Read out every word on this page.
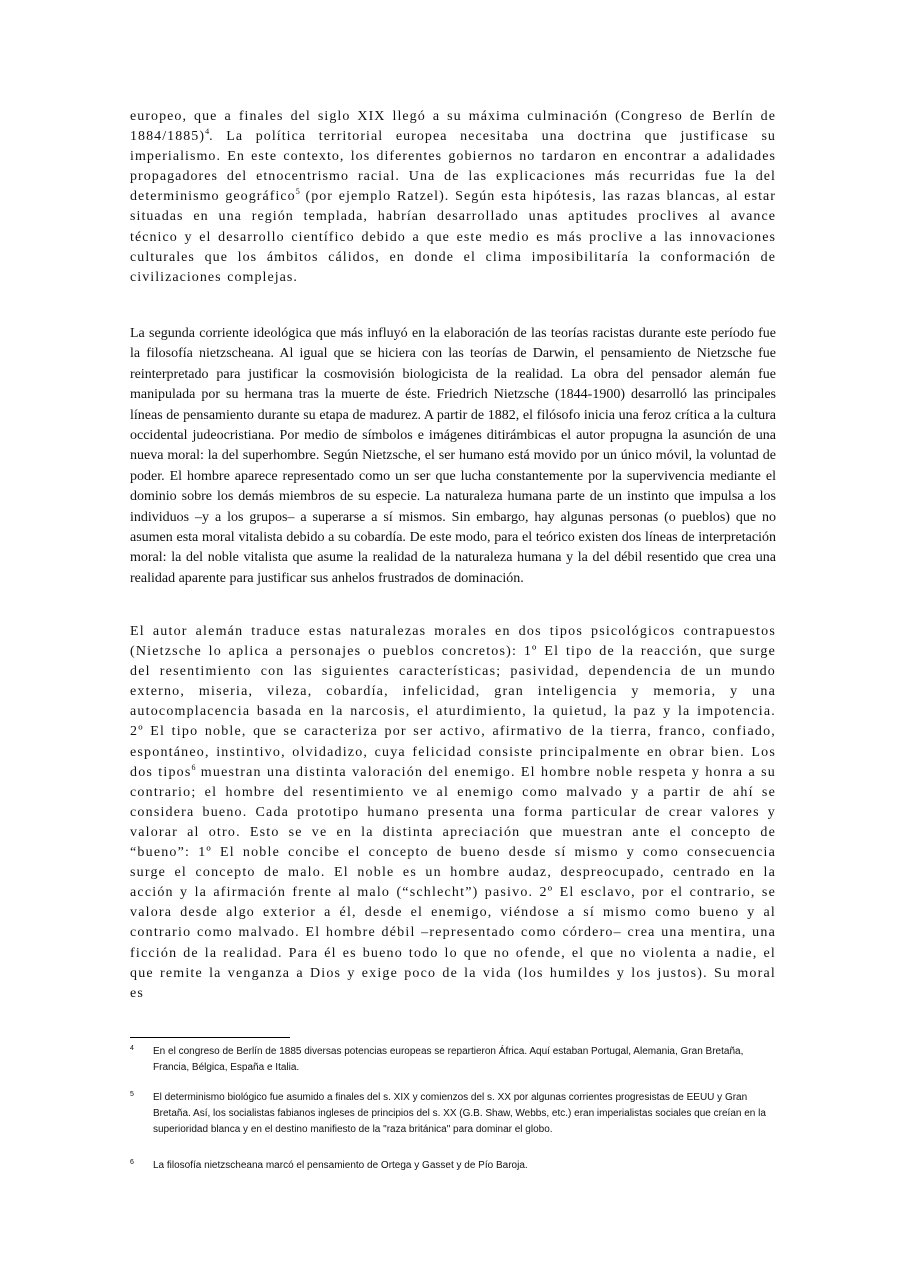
europeo, que a finales del siglo XIX llegó a su máxima culminación (Congreso de Berlín de 1884/1885)$^4$. La política territorial europea necesitaba una doctrina que justificase su imperialismo. En este contexto, los diferentes gobiernos no tardaron en encontrar a adalidades propagadores del etnocentrismo racial. Una de las explicaciones más recurridas fue la del determinismo geográfico$^5$ (por ejemplo Ratzel). Según esta hipótesis, las razas blancas, al estar situadas en una región templada, habrían desarrollado unas aptitudes proclives al avance técnico y el desarrollo científico debido a que este medio es más proclive a las innovaciones culturales que los ámbitos cálidos, en donde el clima imposibilitaría la conformación de civilizaciones complejas.

La segunda corriente ideológica que más influyó en la elaboración de las teorías racistas durante este período fue la filosofía nietzscheana. Al igual que se hiciera con las teorías de Darwin, el pensamiento de Nietzsche fue reinterpretado para justificar la cosmovisión biologicista de la realidad. La obra del pensador alemán fue manipulada por su hermana tras la muerte de éste. Friedrich Nietzsche (1844-1900) desarrolló las principales líneas de pensamiento durante su etapa de madurez. A partir de 1882, el filósofo inicia una feroz crítica a la cultura occidental judeocristiana. Por medio de símbolos e imágenes ditirámbicas el autor propugna la asunción de una nueva moral: la del superhombre. Según Nietzsche, el ser humano está movido por un único móvil, la voluntad de poder. El hombre aparece representado como un ser que lucha constantemente por la supervivencia mediante el dominio sobre los demás miembros de su especie. La naturaleza humana parte de un instinto que impulsa a los individuos –y a los grupos– a superarse a sí mismos. Sin embargo, hay algunas personas (o pueblos) que no asumen esta moral vitalista debido a su cobardía. De este modo, para el teórico existen dos líneas de interpretación moral: la del noble vitalista que asume la realidad de la naturaleza humana y la del débil resentido que crea una realidad aparente para justificar sus anhelos frustrados de dominación.

El autor alemán traduce estas naturalezas morales en dos tipos psicológicos contrapuestos (Nietzsche lo aplica a personajes o pueblos concretos): 1º El tipo de la reacción, que surge del resentimiento con las siguientes características; pasividad, dependencia de un mundo externo, miseria, vileza, cobardía, infelicidad, gran inteligencia y memoria, y una autocomplacencia basada en la narcosis, el aturdimiento, la quietud, la paz y la impotencia. 2º El tipo noble, que se caracteriza por ser activo, afirmativo de la tierra, franco, confiado, espontáneo, instintivo, olvidadizo, cuya felicidad consiste principalmente en obrar bien. Los dos tipos$^6$ muestran una distinta valoración del enemigo. El hombre noble respeta y honra a su contrario; el hombre del resentimiento ve al enemigo como malvado y a partir de ahí se considera bueno. Cada prototipo humano presenta una forma particular de crear valores y valorar al otro. Esto se ve en la distinta apreciación que muestran ante el concepto de “bueno”: 1º El noble concibe el concepto de bueno desde sí mismo y como consecuencia surge el concepto de malo. El noble es un hombre audaz, despreocupado, centrado en la acción y la afirmación frente al malo (“schlecht”) pasivo. 2º El esclavo, por el contrario, se valora desde algo exterior a él, desde el enemigo, viéndose a sí mismo como bueno y al contrario como malvado. El hombre débil –representado como córdero– crea una mentira, una ficción de la realidad. Para él es bueno todo lo que no ofende, el que no violenta a nadie, el que remite la venganza a Dios y exige poco de la vida (los humildes y los justos). Su moral es

4 En el congreso de Berlín de 1885 diversas potencias europeas se repartieron África. Aquí estaban Portugal, Alemania, Gran Bretaña, Francia, Bélgica, España e Italia.
5 El determinismo biológico fue asumido a finales del s. XIX y comienzos del s. XX por algunas corrientes progresistas de EEUU y Gran Bretaña. Así, los socialistas fabianos ingleses de principios del s. XX (G.B. Shaw, Webbs, etc.) eran imperialistas sociales que creían en la superioridad blanca y en el destino manifiesto de la "raza británica" para dominar el globo.
6 La filosofía nietzscheana marcó el pensamiento de Ortega y Gasset y de Pío Baroja.
